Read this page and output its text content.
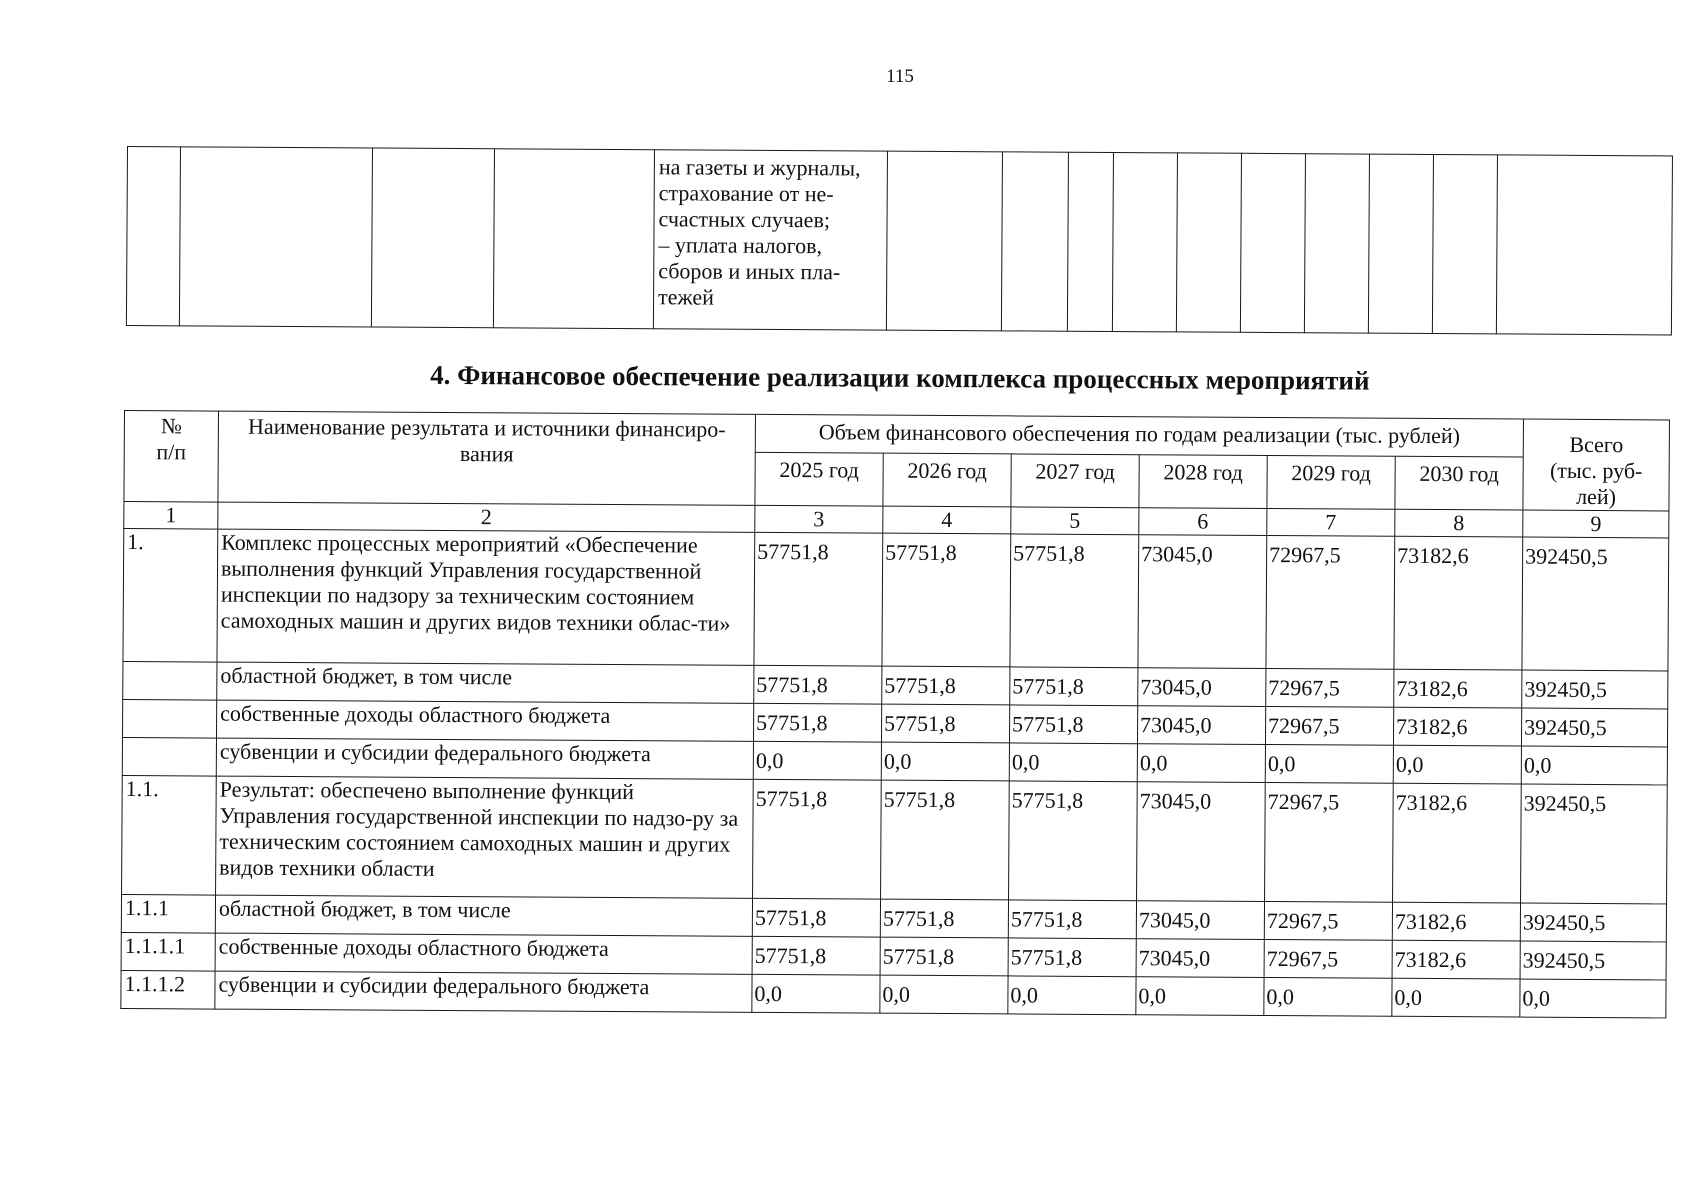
115
				на газеты и журналы,
страхование от не-
счастных случаев;
– уплата налогов,
сборов и иных пла-
тежей										
4. Финансовое обеспечение реализации комплекса процессных мероприятий
№ п/п	Наименование результата и источники финансиро-вания	Объем финансового обеспечения по годам реализации (тыс. рублей)						Всего (тыс. руб-лей)
		2025 год	2026 год	2027 год	2028 год	2029 год	2030 год	
1	2	3	4	5	6	7	8	9
1.	Комплекс процессных мероприятий «Обеспечение выполнения функций Управления государственной инспекции по надзору за техническим состоянием самоходных машин и других видов техники облас-ти»	57751,8	57751,8	57751,8	73045,0	72967,5	73182,6	392450,5
	областной бюджет, в том числе	57751,8	57751,8	57751,8	73045,0	72967,5	73182,6	392450,5
	собственные доходы областного бюджета	57751,8	57751,8	57751,8	73045,0	72967,5	73182,6	392450,5
	субвенции и субсидии федерального бюджета	0,0	0,0	0,0	0,0	0,0	0,0	0,0
1.1.	Результат: обеспечено выполнение функций Управления государственной инспекции по надзо-ру за техническим состоянием самоходных машин и других видов техники области	57751,8	57751,8	57751,8	73045,0	72967,5	73182,6	392450,5
1.1.1	областной бюджет, в том числе	57751,8	57751,8	57751,8	73045,0	72967,5	73182,6	392450,5
1.1.1.1	собственные доходы областного бюджета	57751,8	57751,8	57751,8	73045,0	72967,5	73182,6	392450,5
1.1.1.2	субвенции и субсидии федерального бюджета	0,0	0,0	0,0	0,0	0,0	0,0	0,0
